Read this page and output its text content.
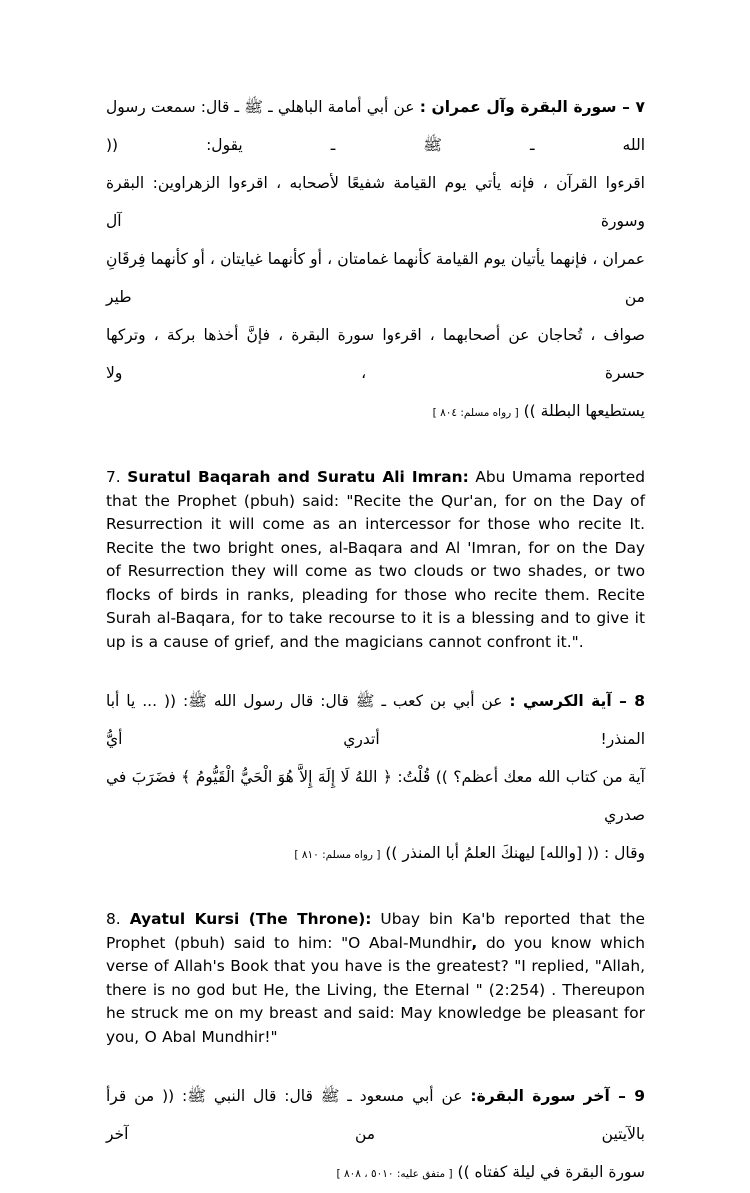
٧ – سورة البقرة وآل عمران : عن أبي أمامة الباهلي ـ ﷺ ـ قال: سمعت رسول الله ـ ﷺ ـ يقول: ((
اقرءوا القرآن ، فإنه يأتي يوم القيامة شفيعًا لأصحابه ، اقرءوا الزهراوين: البقرة وسورة آل
عمران ، فإنهما يأتيان يوم القيامة كأنهما غمامتان ، أو كأنهما غيايتان ، أو كأنهما فِرقَانِ من طير
صواف ، تُحاجان عن أصحابهما ، اقرءوا سورة البقرة ، فإنَّ أخذها بركة ، وتركها حسرة ، ولا
يستطيعها البطلة )) [ رواه مسلم: ٨٠٤ ]

7. Suratul Baqarah and Suratu Ali Imran: Abu Umama reported that the Prophet (pbuh) said: "Recite the Qur'an, for on the Day of Resurrection it will come as an intercessor for those who recite It. Recite the two bright ones, al-Baqara and Al 'Imran, for on the Day of Resurrection they will come as two clouds or two shades, or two flocks of birds in ranks, pleading for those who recite them. Recite Surah al-Baqara, for to take recourse to it is a blessing and to give it up is a cause of grief, and the magicians cannot confront it.".

8 – آية الكرسي : عن أبي بن كعب ـ ﷺ قال: قال رسول الله ﷺ: (( ... يا أبا المنذر! أتدري أيُّ
آية من كتاب الله معك أعظم؟ )) قُلْتُ: ﴿ اللهُ لَا إِلَهَ إِلاَّ هُوَ الْحَيُّ الْقَيُّومُ ﴾ فضَرَبَ في صدري
وقال : (( [والله] ليهنكَ العلمُ أبا المنذر )) [ رواه مسلم: ٨١٠ ]

8. Ayatul Kursi (The Throne): Ubay bin Ka'b reported that the Prophet (pbuh) said to him: "O Abal-Mundhir, do you know which verse of Allah's Book that you have is the greatest? "I replied, "Allah, there is no god but He, the Living, the Eternal " (2:254) . Thereupon he struck me on my breast and said: May knowledge be pleasant for you, O Abal Mundhir!"

9 – آخر سورة البقرة: عن أبي مسعود ـ ﷺ قال: قال النبي ﷺ: (( من قرأ بالآيتين من آخر
سورة البقرة في ليلة كفتاه )) [ متفق عليه: ٥٠١٠ ، ٨٠٨ ]
